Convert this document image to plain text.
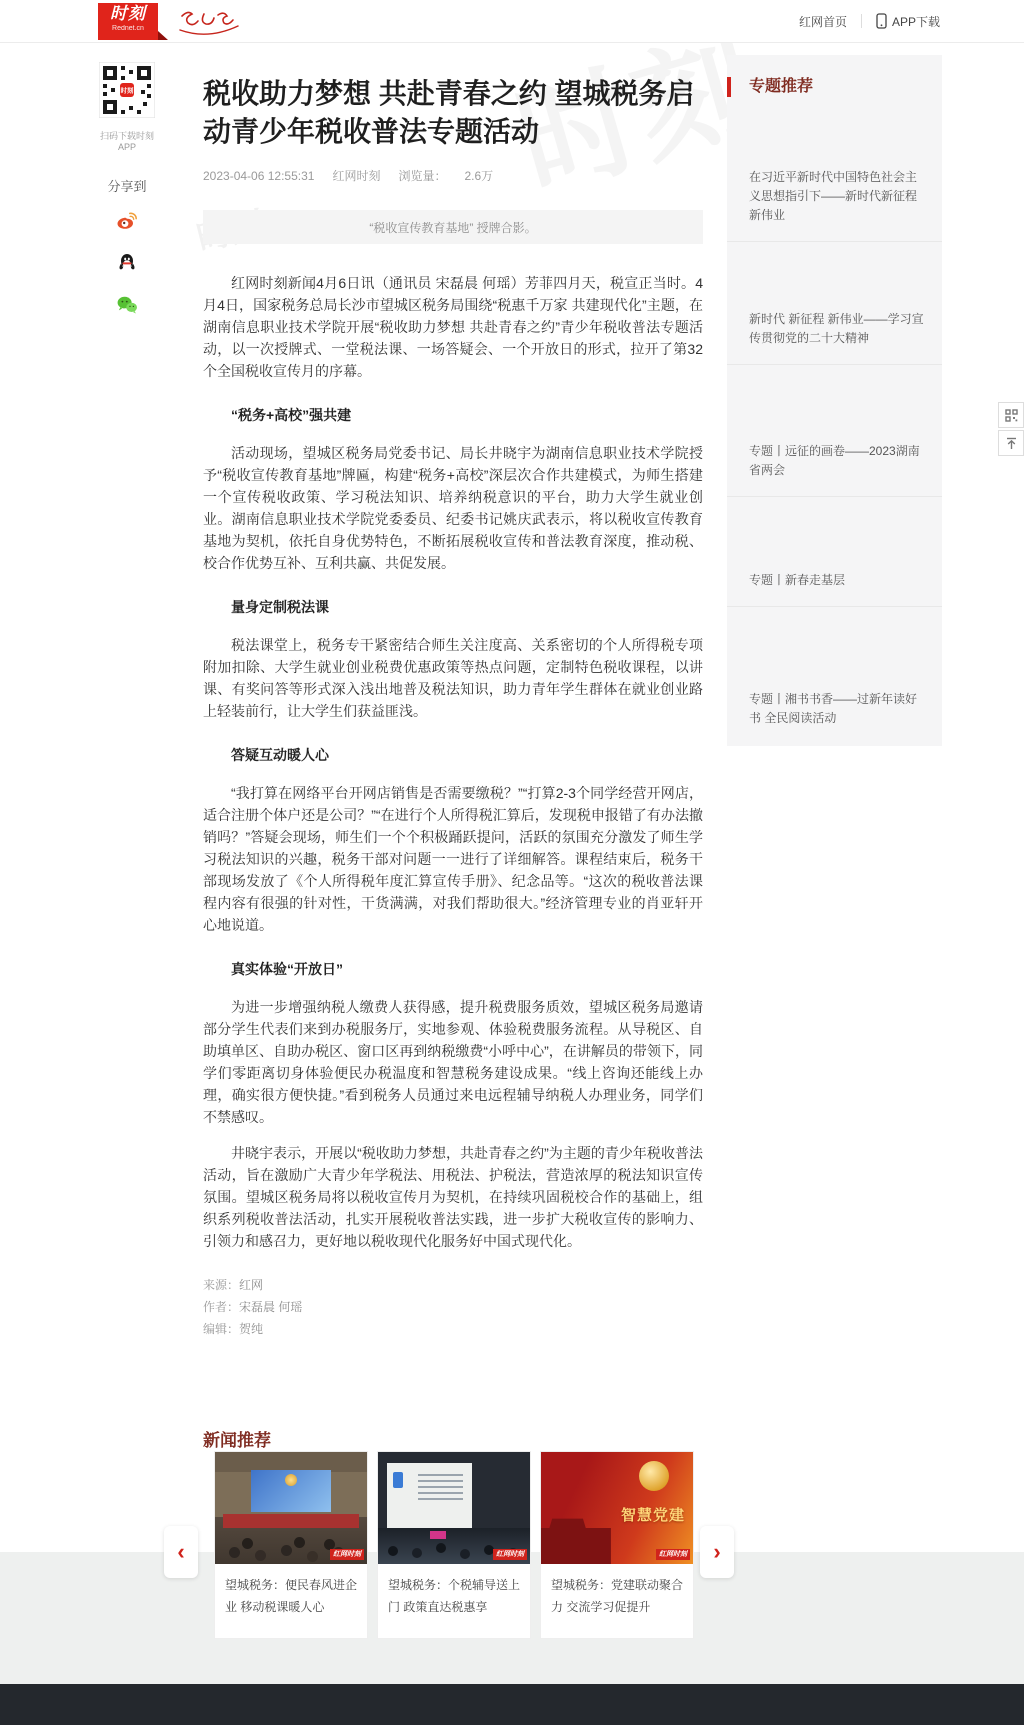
时刻
Rednet.cn	红网首页	APP下载
时刻
扫码下载时刻APP
分享到
税收助力梦想 共赴青春之约 望城税务启动青少年税收普法专题活动
2023-04-06 12:55:31 红网时刻 浏览量： 2.6万
“税收宣传教育基地” 授牌合影。

红网时刻新闻4月6日讯（通讯员 宋磊晨 何瑶）芳菲四月天，税宣正当时。4月4日，国家税务总局长沙市望城区税务局围绕“税惠千万家 共建现代化”主题，在湖南信息职业技术学院开展“税收助力梦想 共赴青春之约”青少年税收普法专题活动，以一次授牌式、一堂税法课、一场答疑会、一个开放日的形式，拉开了第32个全国税收宣传月的序幕。

“税务+高校”强共建

活动现场，望城区税务局党委书记、局长井晓宇为湖南信息职业技术学院授予“税收宣传教育基地”牌匾，构建“税务+高校”深层次合作共建模式，为师生搭建一个宣传税收政策、学习税法知识、培养纳税意识的平台，助力大学生就业创业。湖南信息职业技术学院党委委员、纪委书记姚庆武表示，将以税收宣传教育基地为契机，依托自身优势特色，不断拓展税收宣传和普法教育深度，推动税、校合作优势互补、互利共赢、共促发展。

量身定制税法课

税法课堂上，税务专干紧密结合师生关注度高、关系密切的个人所得税专项附加扣除、大学生就业创业税费优惠政策等热点问题，定制特色税收课程，以讲课、有奖问答等形式深入浅出地普及税法知识，助力青年学生群体在就业创业路上轻装前行，让大学生们获益匪浅。

答疑互动暖人心

“我打算在网络平台开网店销售是否需要缴税？”“打算2-3个同学经营开网店，适合注册个体户还是公司？”“在进行个人所得税汇算后，发现税申报错了有办法撤销吗？”答疑会现场，师生们一个个积极踊跃提问，活跃的氛围充分激发了师生学习税法知识的兴趣，税务干部对问题一一进行了详细解答。课程结束后，税务干部现场发放了《个人所得税年度汇算宣传手册》、纪念品等。“这次的税收普法课程内容有很强的针对性，干货满满，对我们帮助很大。”经济管理专业的肖亚轩开心地说道。

真实体验“开放日”

为进一步增强纳税人缴费人获得感，提升税费服务质效，望城区税务局邀请部分学生代表们来到办税服务厅，实地参观、体验税费服务流程。从导税区、自助填单区、自助办税区、窗口区再到纳税缴费“小呼中心”，在讲解员的带领下，同学们零距离切身体验便民办税温度和智慧税务建设成果。“线上咨询还能线上办理，确实很方便快捷。”看到税务人员通过来电远程辅导纳税人办理业务，同学们不禁感叹。

井晓宇表示，开展以“税收助力梦想，共赴青春之约”为主题的青少年税收普法活动，旨在激励广大青少年学税法、用税法、护税法，营造浓厚的税法知识宣传氛围。望城区税务局将以税收宣传月为契机，在持续巩固税校合作的基础上，组织系列税收普法活动，扎实开展税收普法实践，进一步扩大税收宣传的影响力、引领力和感召力，更好地以税收现代化服务好中国式现代化。

来源：红网
作者：宋磊晨 何瑶
编辑：贺纯
专题推荐
在习近平新时代中国特色社会主义思想指引下——新时代新征程新伟业
新时代 新征程 新伟业——学习宣传贯彻党的二十大精神
专题丨远征的画卷——2023湖南省两会
专题丨新春走基层
专题丨湘书书香——过新年读好书 全民阅读活动
新闻推荐
‹	›
红网时刻
望城税务：便民春风进企业 移动税课暖人心
红网时刻
望城税务：个税辅导送上门 政策直达税惠享
智慧党建
红网时刻
望城税务：党建联动聚合力 交流学习促提升
